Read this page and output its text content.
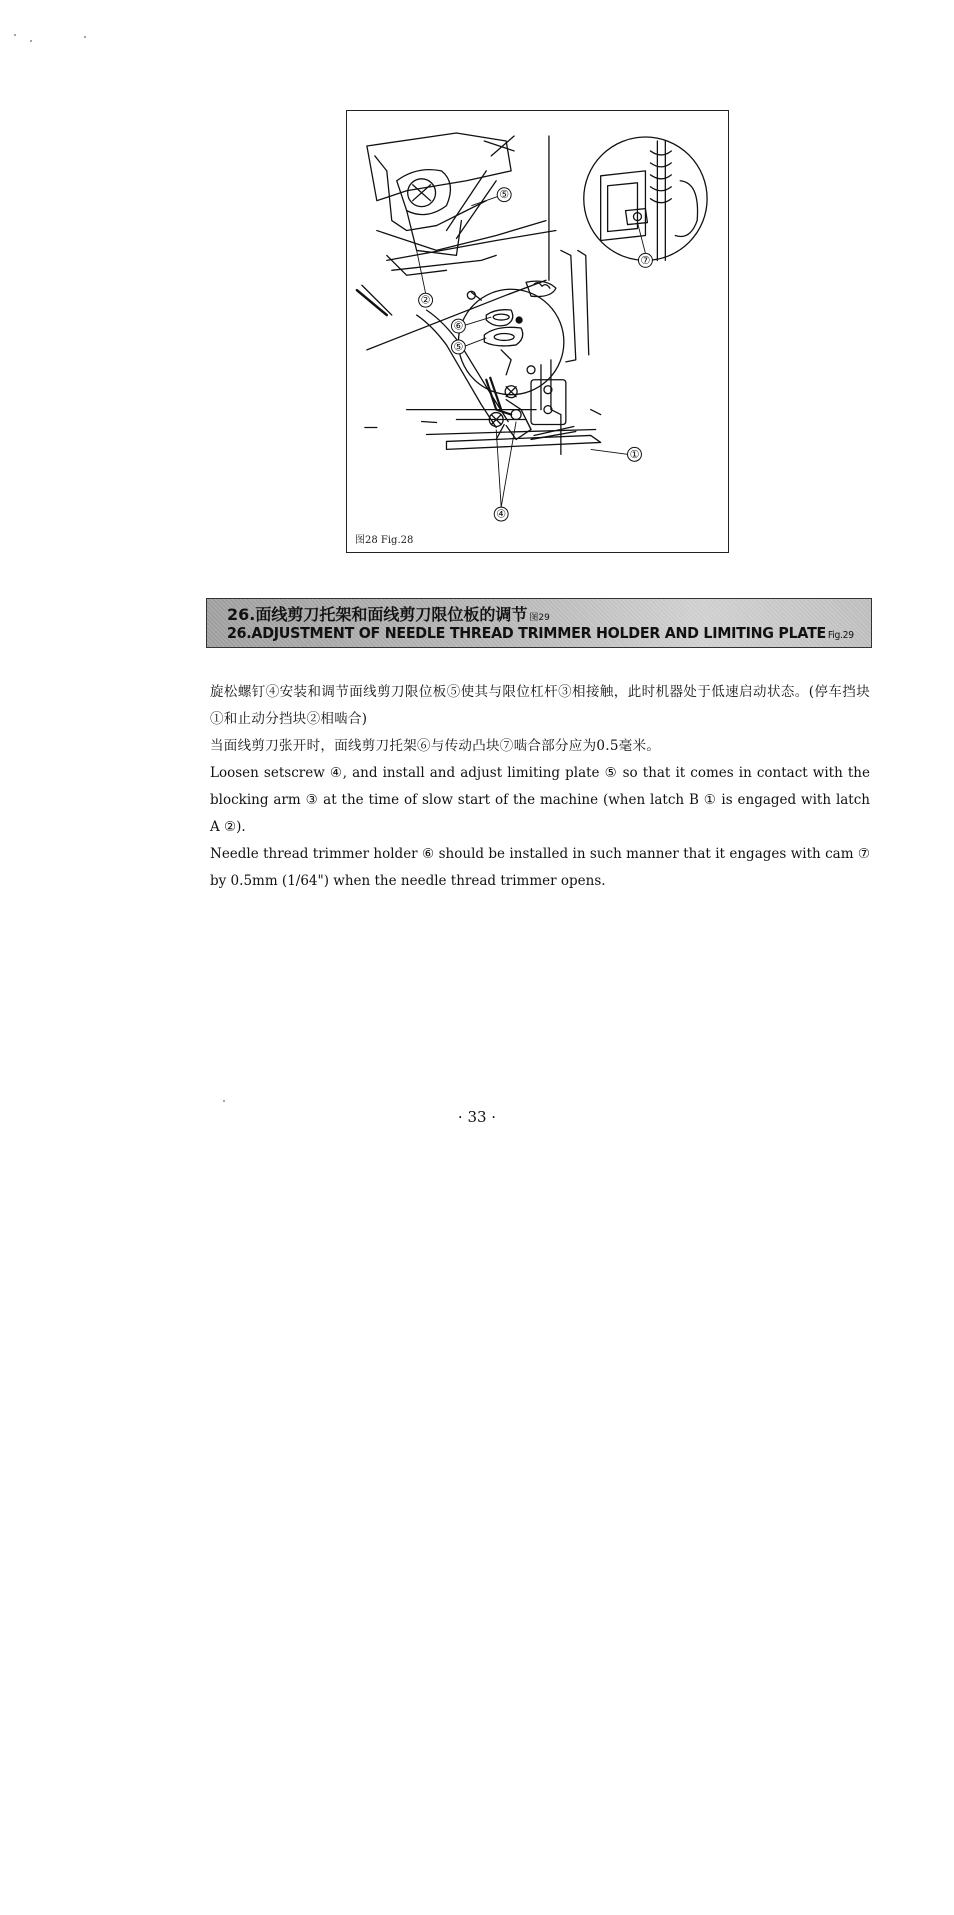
⑤
②
⑦
⑥
⑤
①
④
图28 Fig.28
26.面线剪刀托架和面线剪刀限位板的调节 图29
26.ADJUSTMENT OF NEEDLE THREAD TRIMMER HOLDER AND LIMITING PLATE Fig.29

旋松螺钉④安装和调节面线剪刀限位板⑤使其与限位杠杆③相接触，此时机器处于低速启动状态。(停车挡块①和止动分挡块②相啮合)

当面线剪刀张开时，面线剪刀托架⑥与传动凸块⑦啮合部分应为0.5毫米。

Loosen setscrew ④, and install and adjust limiting plate ⑤ so that it comes in contact with the blocking arm ③ at the time of slow start of the machine (when latch B ① is engaged with latch A ②).

Needle thread trimmer holder ⑥ should be installed in such manner that it engages with cam ⑦ by 0.5mm (1/64") when the needle thread trimmer opens.

· 33 ·
